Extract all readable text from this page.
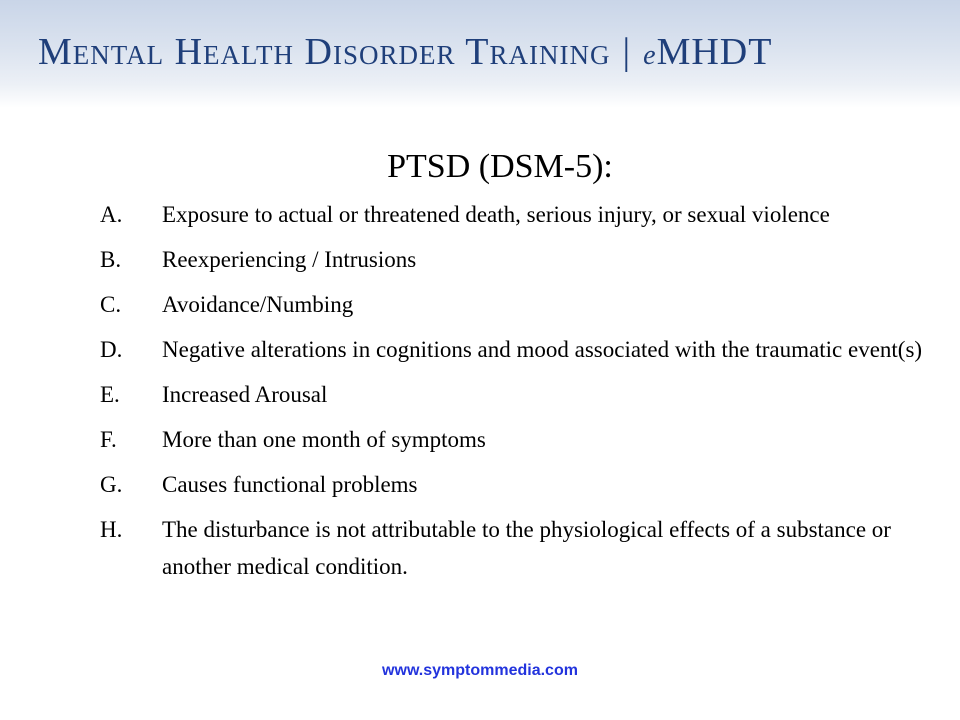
Mental Health Disorder Training | eMHDT
PTSD (DSM-5):
A.	Exposure to actual or threatened death, serious injury, or sexual violence
B.	Reexperiencing / Intrusions
C.	Avoidance/Numbing
D.	Negative alterations in cognitions and mood associated with the traumatic event(s)
E.	Increased Arousal
F.	More than one month of symptoms
G.	Causes functional problems
H.	The disturbance is not attributable to the physiological effects of a substance or another medical condition.
www.symptommedia.com
